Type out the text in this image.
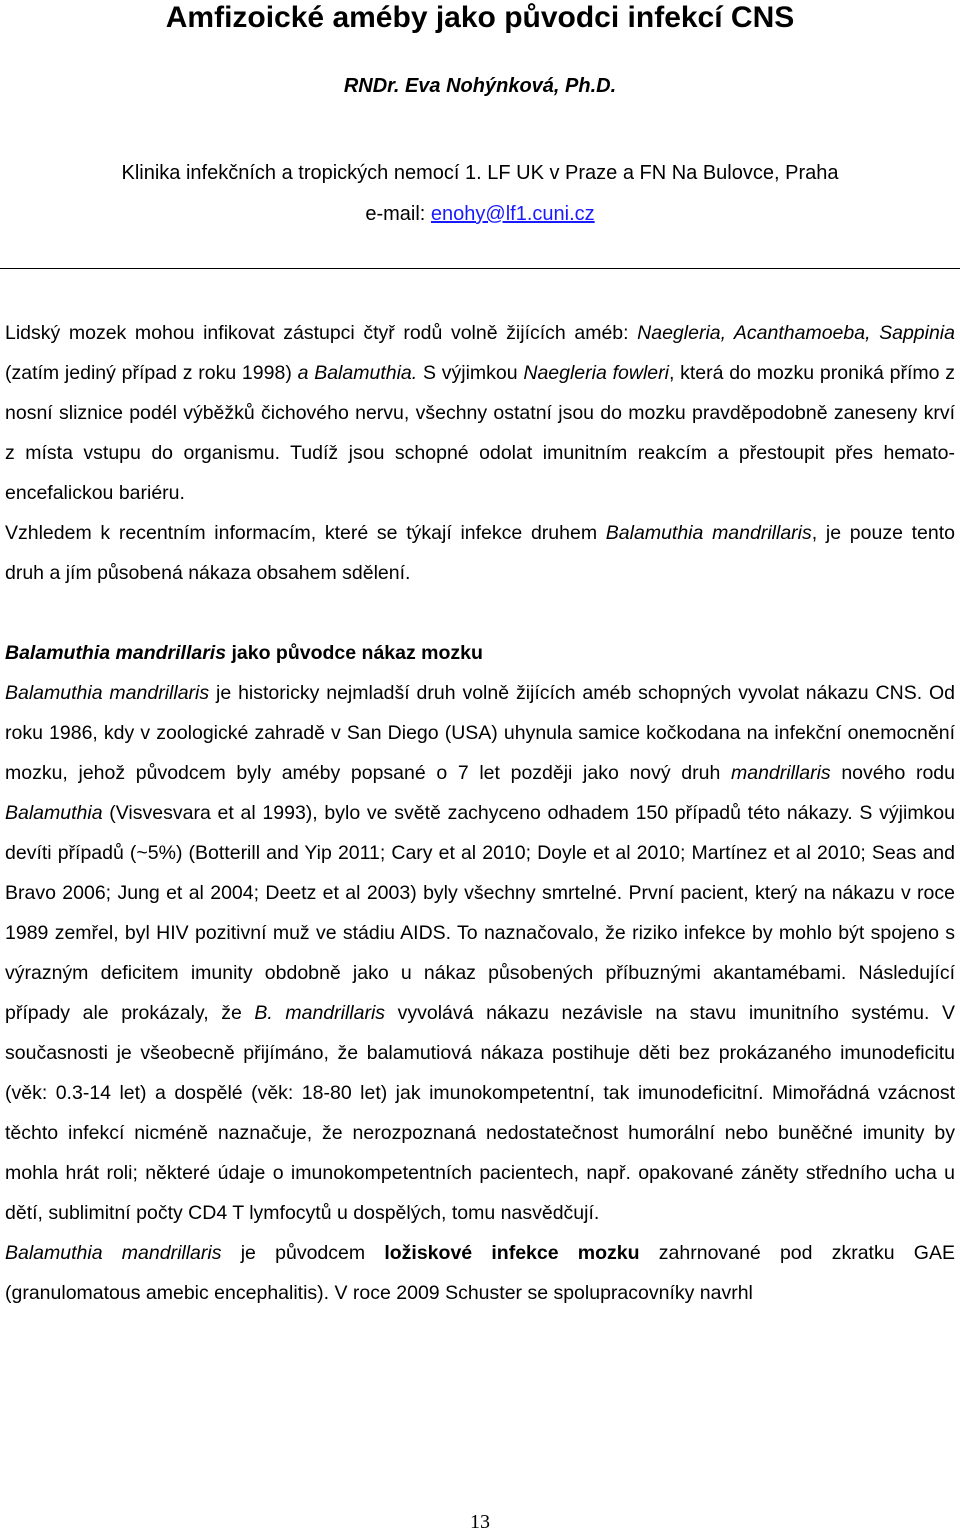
Amfizoické améby jako původci infekcí CNS
RNDr. Eva Nohýnková, Ph.D.
Klinika infekčních a tropických nemocí 1. LF UK v Praze a FN Na Bulovce, Praha
e-mail: enohy@lf1.cuni.cz

Lidský mozek mohou infikovat zástupci čtyř rodů volně žijících améb: Naegleria, Acanthamoeba, Sappinia (zatím jediný případ z roku 1998) a Balamuthia. S výjimkou Naegleria fowleri, která do mozku proniká přímo z nosní sliznice podél výběžků čichového nervu, všechny ostatní jsou do mozku pravděpodobně zaneseny krví z místa vstupu do organismu. Tudíž jsou schopné odolat imunitním reakcím a přestoupit přes hemato-encefalickou bariéru.

Vzhledem k recentním informacím, které se týkají infekce druhem Balamuthia mandrillaris, je pouze tento druh a jím působená nákaza obsahem sdělení.

Balamuthia mandrillaris jako původce nákaz mozku

Balamuthia mandrillaris je historicky nejmladší druh volně žijících améb schopných vyvolat nákazu CNS. Od roku 1986, kdy v zoologické zahradě v San Diego (USA) uhynula samice kočkodana na infekční onemocnění mozku, jehož původcem byly améby popsané o 7 let později jako nový druh mandrillaris nového rodu Balamuthia (Visvesvara et al 1993), bylo ve světě zachyceno odhadem 150 případů této nákazy. S výjimkou devíti případů (~5%) (Botterill and Yip 2011; Cary et al 2010; Doyle et al 2010; Martínez et al 2010; Seas and Bravo 2006; Jung et al 2004; Deetz et al 2003) byly všechny smrtelné. První pacient, který na nákazu v roce 1989 zemřel, byl HIV pozitivní muž ve stádiu AIDS. To naznačovalo, že riziko infekce by mohlo být spojeno s výrazným deficitem imunity obdobně jako u nákaz působených příbuznými akantamébami. Následující případy ale prokázaly, že B. mandrillaris vyvolává nákazu nezávisle na stavu imunitního systému. V současnosti je všeobecně přijímáno, že balamutiová nákaza postihuje děti bez prokázaného imunodeficitu (věk: 0.3-14 let) a dospělé (věk: 18-80 let) jak imunokompetentní, tak imunodeficitní. Mimořádná vzácnost těchto infekcí nicméně naznačuje, že nerozpoznaná nedostatečnost humorální nebo buněčné imunity by mohla hrát roli; některé údaje o imunokompetentních pacientech, např. opakované záněty středního ucha u dětí, sublimitní počty CD4 T lymfocytů u dospělých, tomu nasvědčují.

Balamuthia mandrillaris je původcem ložiskové infekce mozku zahrnované pod zkratku GAE (granulomatous amebic encephalitis). V roce 2009 Schuster se spolupracovníky navrhl

13
